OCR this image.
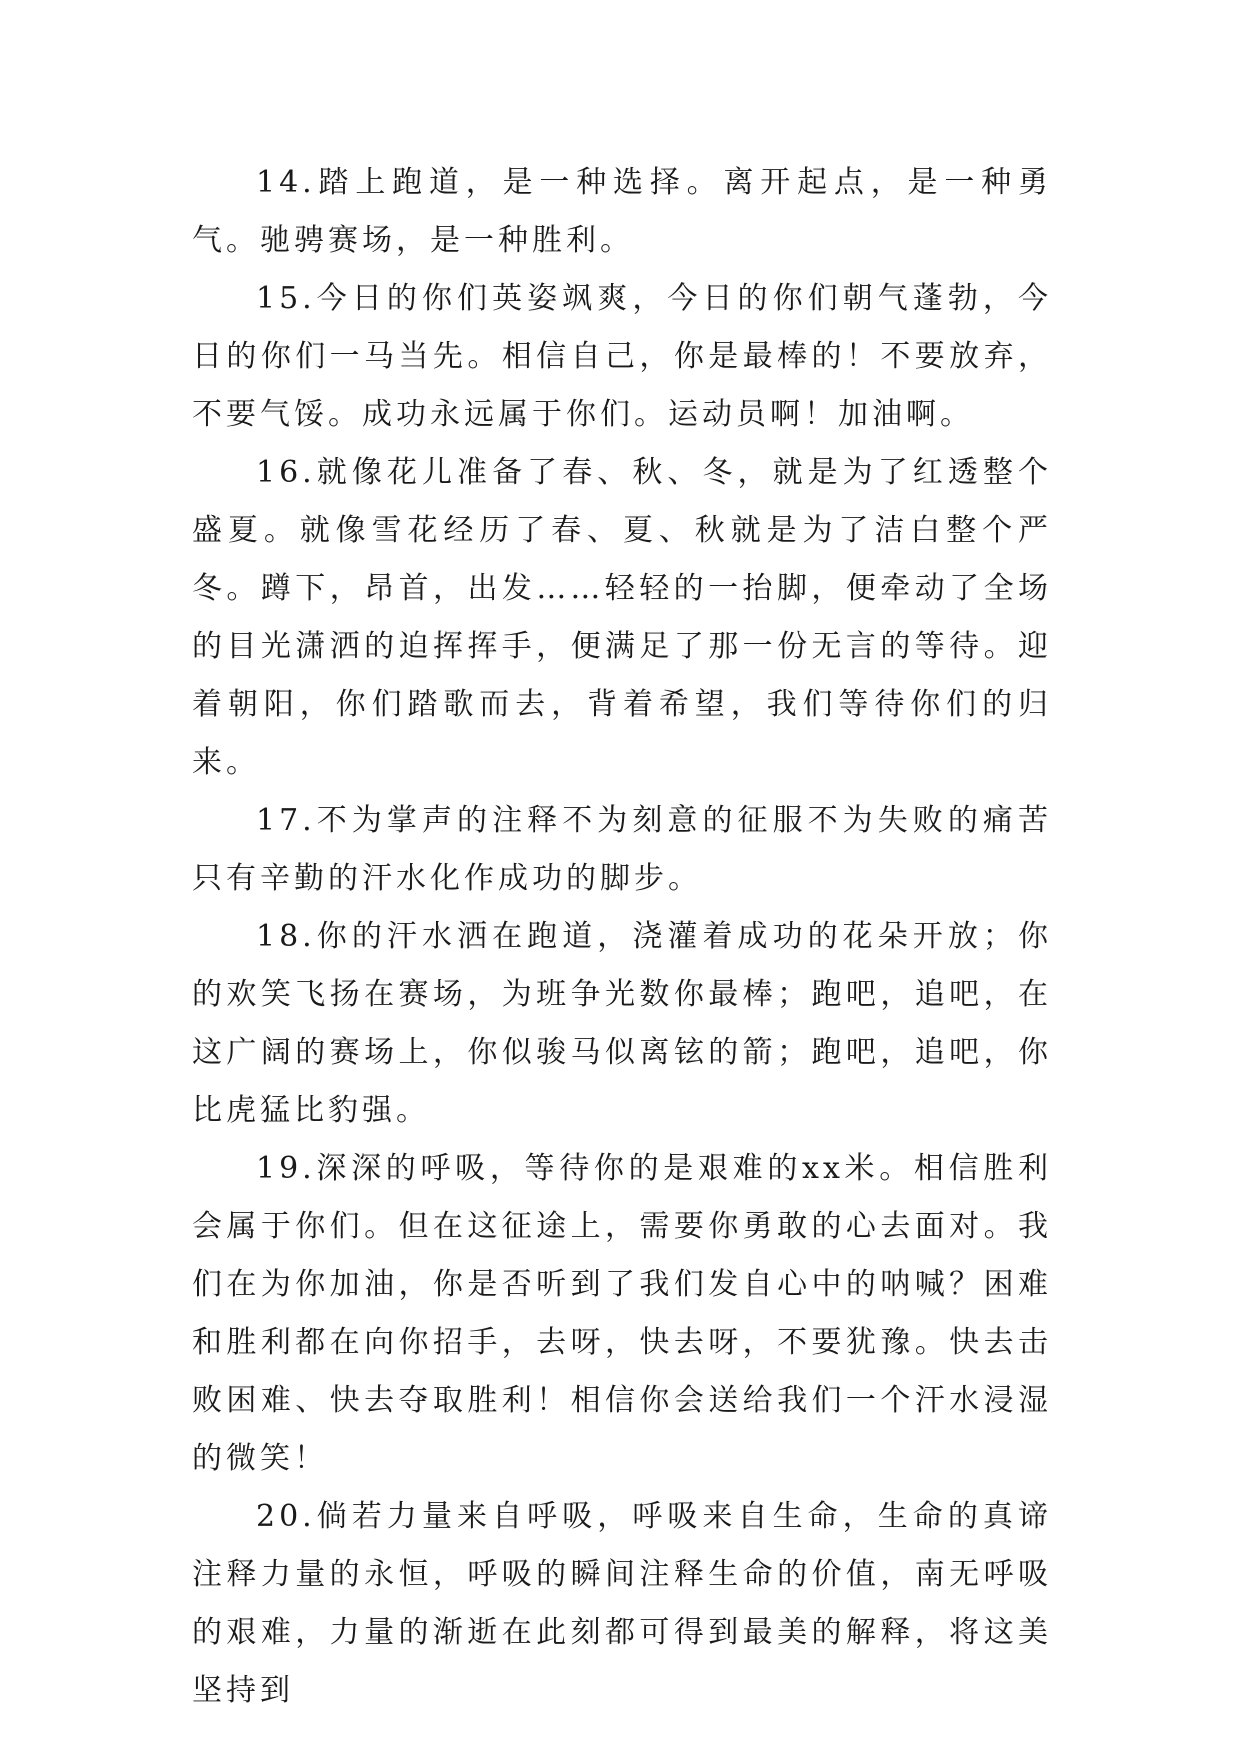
14.踏上跑道，是一种选择。离开起点，是一种勇气。驰骋赛场，是一种胜利。

15.今日的你们英姿飒爽，今日的你们朝气蓬勃，今日的你们一马当先。相信自己，你是最棒的！不要放弃，不要气馁。成功永远属于你们。运动员啊！加油啊。

16.就像花儿准备了春、秋、冬，就是为了红透整个盛夏。就像雪花经历了春、夏、秋就是为了洁白整个严冬。蹲下，昂首，出发……轻轻的一抬脚，便牵动了全场的目光潇洒的迫挥挥手，便满足了那一份无言的等待。迎着朝阳，你们踏歌而去，背着希望，我们等待你们的归来。

17.不为掌声的注释不为刻意的征服不为失败的痛苦只有辛勤的汗水化作成功的脚步。

18.你的汗水洒在跑道，浇灌着成功的花朵开放；你的欢笑飞扬在赛场，为班争光数你最棒；跑吧，追吧，在这广阔的赛场上，你似骏马似离铉的箭；跑吧，追吧，你比虎猛比豹强。

19.深深的呼吸，等待你的是艰难的xx米。相信胜利会属于你们。但在这征途上，需要你勇敢的心去面对。我们在为你加油，你是否听到了我们发自心中的呐喊？困难和胜利都在向你招手，去呀，快去呀，不要犹豫。快去击败困难、快去夺取胜利！相信你会送给我们一个汗水浸湿的微笑！

20.倘若力量来自呼吸，呼吸来自生命，生命的真谛注释力量的永恒，呼吸的瞬间注释生命的价值，南无呼吸的艰难，力量的渐逝在此刻都可得到最美的解释，将这美坚持到
